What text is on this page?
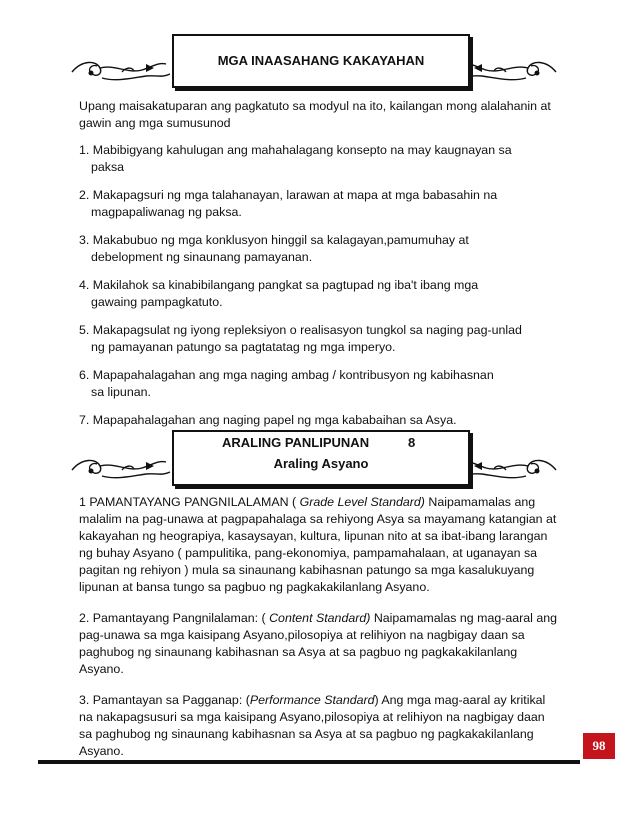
MGA INAASAHANG KAKAYAHAN

Upang maisakatuparan ang pagkatuto sa modyul na ito, kailangan mong alalahanin at gawin ang mga sumusunod

1. Mabibigyang kahulugan ang mahahalagang konsepto na may kaugnayan sa

paksa

2. Makapagsuri ng mga talahanayan, larawan at mapa at mga babasahin na

magpapaliwanag ng paksa.

3. Makabubuo ng mga konklusyon hinggil sa kalagayan,pamumuhay at

debelopment ng sinaunang pamayanan.

4. Makilahok sa kinabibilangang pangkat sa pagtupad ng iba't ibang mga

gawaing pampagkatuto.

5. Makapagsulat ng iyong repleksiyon o realisasyon tungkol sa naging pag-unlad

ng pamayanan patungo sa pagtatatag ng mga imperyo.

6. Mapapahalagahan ang mga naging ambag / kontribusyon ng kabihasnan

sa lipunan.

7. Mapapahalagahan ang naging papel ng mga kababaihan sa Asya.

ARALING PANLIPUNAN	8
Araling Asyano

1 PAMANTAYANG PANGNILALAMAN ( Grade Level Standard) Naipamamalas ang malalim na pag-unawa at pagpapahalaga sa rehiyong Asya sa mayamang katangian at kakayahan ng heograpiya, kasaysayan, kultura, lipunan nito at sa ibat-ibang larangan ng buhay Asyano ( pampulitika, pang-ekonomiya, pampamahalaan, at uganayan sa pagitan ng rehiyon ) mula sa sinaunang kabihasnan patungo sa mga kasalukuyang lipunan at bansa tungo sa pagbuo ng pagkakakilanlang Asyano.

2. Pamantayang Pangnilalaman: ( Content Standard) Naipamamalas ng mag-aaral ang pag-unawa sa mga kaisipang Asyano,pilosopiya at relihiyon na nagbigay daan sa paghubog ng sinaunang kabihasnan sa Asya at sa pagbuo ng pagkakakilanlang Asyano.

3. Pamantayan sa Pagganap: (Performance Standard) Ang mga mag-aaral ay kritikal na nakapagsusuri sa mga kaisipang Asyano,pilosopiya at relihiyon na nagbigay daan sa paghubog ng sinaunang kabihasnan sa Asya at sa pagbuo ng pagkakakilanlang Asyano.	98
